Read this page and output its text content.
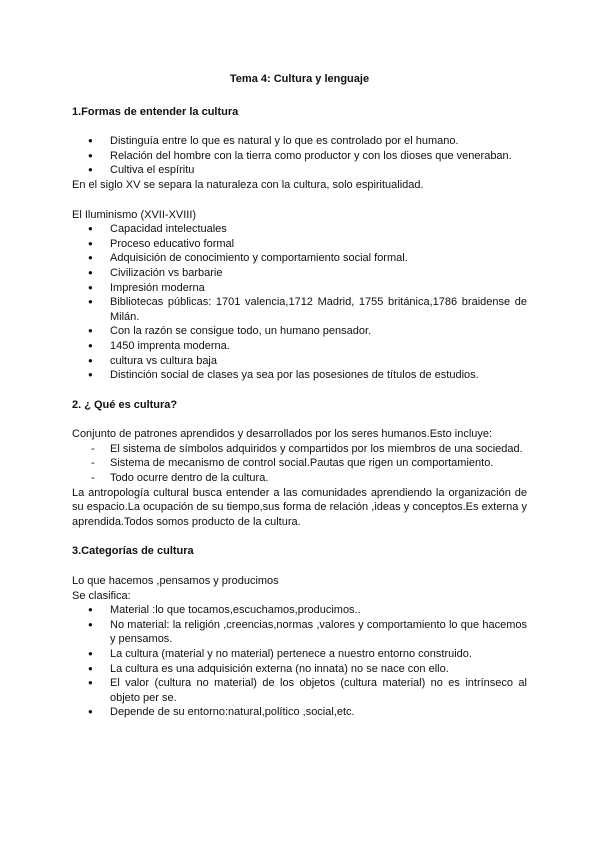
Tema 4: Cultura y lenguaje

1.Formas de entender la cultura

● Distinguía entre lo que es natural y lo que es controlado por el humano.
● Relación del hombre con la tierra como productor y con los dioses que veneraban.
● Cultiva el espíritu

En el siglo XV se separa la naturaleza con la cultura, solo espiritualidad.

El Iluminismo (XVII-XVIII)

● Capacidad intelectuales
● Proceso educativo formal
● Adquisición de conocimiento y comportamiento social formal.
● Civilización vs barbarie
● Impresión moderna
● Bibliotecas públicas: 1701 valencia,1712 Madrid, 1755 británica,1786 braidense de Milán.
● Con la razón se consigue todo, un humano pensador.
● 1450 imprenta moderna.
● cultura vs cultura baja
● Distinción social de clases ya sea por las posesiones de títulos de estudios.

2. ¿ Qué es cultura?

Conjunto de patrones aprendidos y desarrollados por los seres humanos.Esto incluye:

- El sistema de símbolos adquiridos y compartidos por los miembros de una sociedad.
- Sistema de mecanismo de control social.Pautas que rigen un comportamiento.
- Todo ocurre dentro de la cultura.

La antropología cultural busca entender a las comunidades aprendiendo la organización de su espacio.La ocupación de su tiempo,sus forma de relación ,ideas y conceptos.Es externa y aprendida.Todos somos producto de la cultura.

3.Categorías de cultura

Lo que hacemos ,pensamos y producimos

Se clasifica:

● Material :lo que tocamos,escuchamos,producimos..
● No material: la religión ,creencias,normas ,valores y comportamiento lo que hacemos y pensamos.
● La cultura (material y no material) pertenece a nuestro entorno construido.
● La cultura es una adquisición externa (no innata) no se nace con ello.
● El valor (cultura no material) de los objetos (cultura material) no es intrínseco al objeto per se.
● Depende de su entorno:natural,político ,social,etc.
